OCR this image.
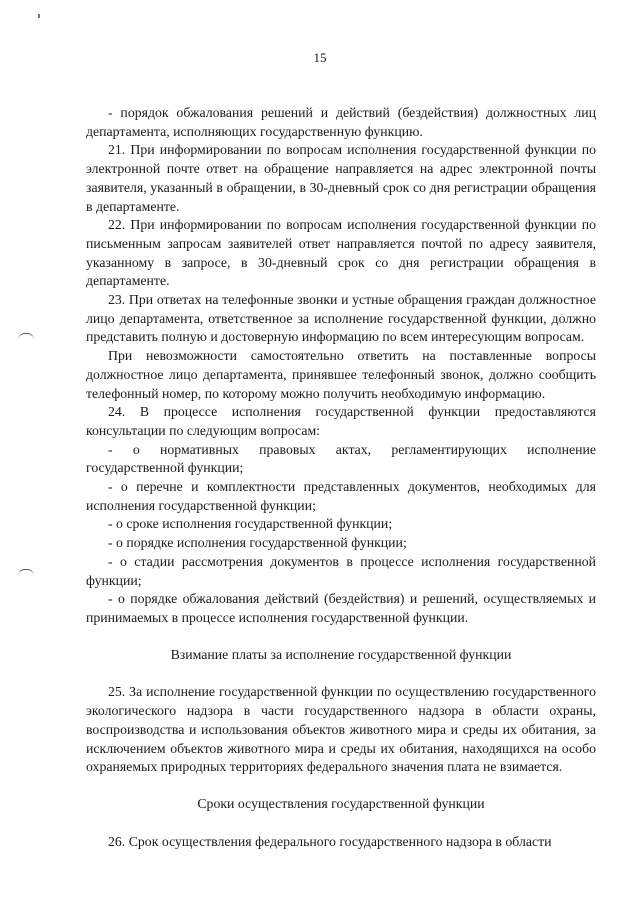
15

- порядок обжалования решений и действий (бездействия) должностных лиц департамента, исполняющих государственную функцию.

21. При информировании по вопросам исполнения государственной функции по электронной почте ответ на обращение направляется на адрес электронной почты заявителя, указанный в обращении, в 30-дневный срок со дня регистрации обращения в департаменте.

22. При информировании по вопросам исполнения государственной функции по письменным запросам заявителей ответ направляется почтой по адресу заявителя, указанному в запросе, в 30-дневный срок со дня регистрации обращения в департаменте.

23. При ответах на телефонные звонки и устные обращения граждан должностное лицо департамента, ответственное за исполнение государственной функции, должно представить полную и достоверную информацию по всем интересующим вопросам.

При невозможности самостоятельно ответить на поставленные вопросы должностное лицо департамента, принявшее телефонный звонок, должно сообщить телефонный номер, по которому можно получить необходимую информацию.

24. В процессе исполнения государственной функции предоставляются консультации по следующим вопросам:

- о нормативных правовых актах, регламентирующих исполнение государственной функции;

- о перечне и комплектности представленных документов, необходимых для исполнения государственной функции;

- о сроке исполнения государственной функции;

- о порядке исполнения государственной функции;

- о стадии рассмотрения документов в процессе исполнения государственной функции;

- о порядке обжалования действий (бездействия) и решений, осуществляемых и принимаемых в процессе исполнения государственной функции.

Взимание платы за исполнение государственной функции

25. За исполнение государственной функции по осуществлению государственного экологического надзора в части государственного надзора в области охраны, воспроизводства и использования объектов животного мира и среды их обитания, за исключением объектов животного мира и среды их обитания, находящихся на особо охраняемых природных территориях федерального значения плата не взимается.

Сроки осуществления государственной функции

26. Срок осуществления федерального государственного надзора в области
